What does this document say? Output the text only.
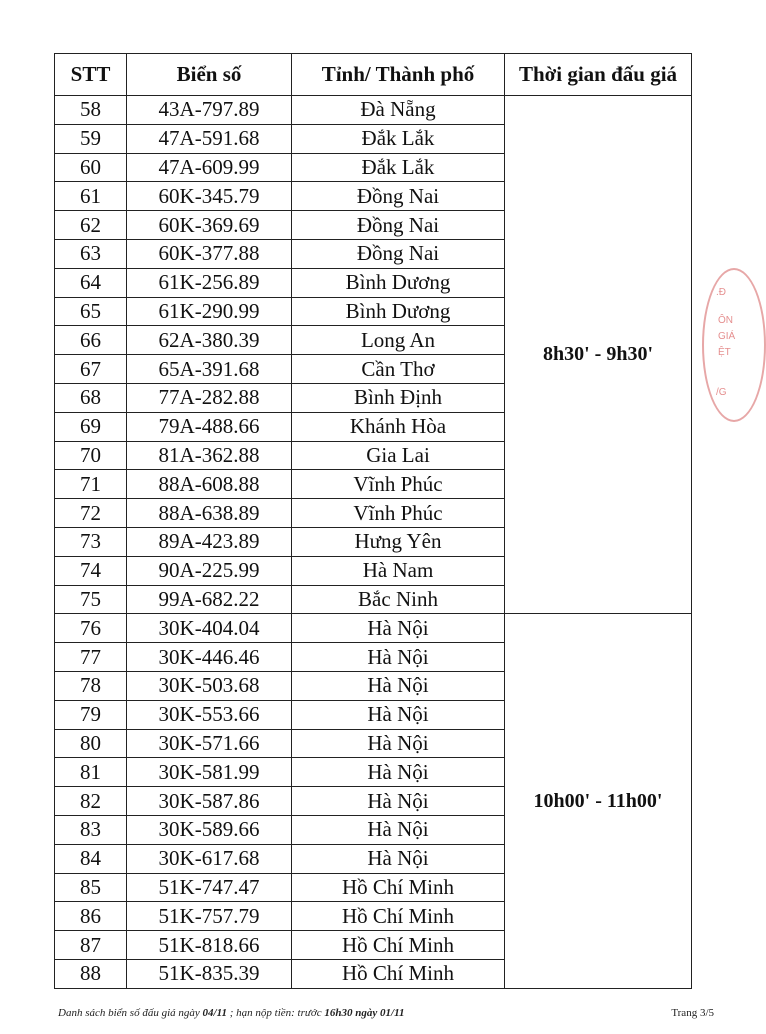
STT	Biển số	Tỉnh/ Thành phố	Thời gian đấu giá
58	43A-797.89	Đà Nẵng	8h30' - 9h30'
59	47A-591.68	Đắk Lắk	
60	47A-609.99	Đắk Lắk	
61	60K-345.79	Đồng Nai	
62	60K-369.69	Đồng Nai	
63	60K-377.88	Đồng Nai	
64	61K-256.89	Bình Dương	
65	61K-290.99	Bình Dương	
66	62A-380.39	Long An	
67	65A-391.68	Cần Thơ	
68	77A-282.88	Bình Định	
69	79A-488.66	Khánh Hòa	
70	81A-362.88	Gia Lai	
71	88A-608.88	Vĩnh Phúc	
72	88A-638.89	Vĩnh Phúc	
73	89A-423.89	Hưng Yên	
74	90A-225.99	Hà Nam	
75	99A-682.22	Bắc Ninh	
76	30K-404.04	Hà Nội	10h00' - 11h00'
77	30K-446.46	Hà Nội	
78	30K-503.68	Hà Nội	
79	30K-553.66	Hà Nội	
80	30K-571.66	Hà Nội	
81	30K-581.99	Hà Nội	
82	30K-587.86	Hà Nội	
83	30K-589.66	Hà Nội	
84	30K-617.68	Hà Nội	
85	51K-747.47	Hồ Chí Minh	
86	51K-757.79	Hồ Chí Minh	
87	51K-818.66	Hồ Chí Minh	
88	51K-835.39	Hồ Chí Minh	
Danh sách biển số đấu giá ngày 04/11 ; hạn nộp tiền: trước 16h30 ngày 01/11	Trang 3/5
.Đ
ÔN
GIÁ
ỆT
/G
